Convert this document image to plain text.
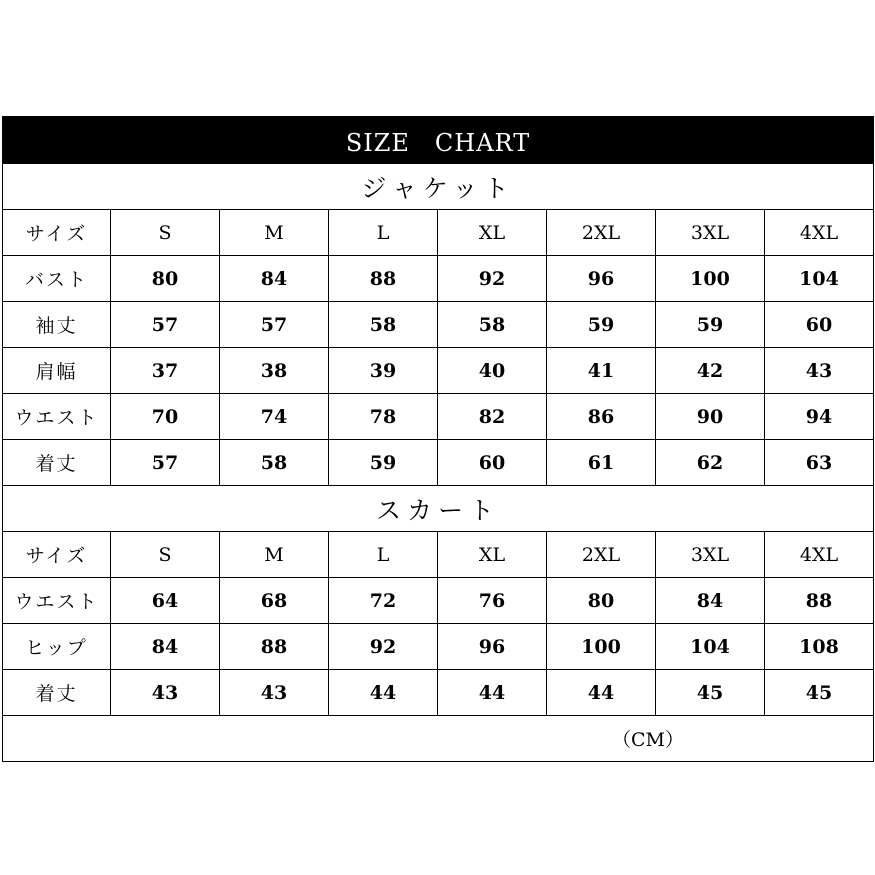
SIZE　CHART							
ジャケット							
サイズ	S	M	L	XL	2XL	3XL	4XL
バスト	80	84	88	92	96	100	104
袖丈	57	57	58	58	59	59	60
肩幅	37	38	39	40	41	42	43
ウエスト	70	74	78	82	86	90	94
着丈	57	58	59	60	61	62	63
スカート							
サイズ	S	M	L	XL	2XL	3XL	4XL
ウエスト	64	68	72	76	80	84	88
ヒップ	84	88	92	96	100	104	108
着丈	43	43	44	44	44	45	45
（CM）							
